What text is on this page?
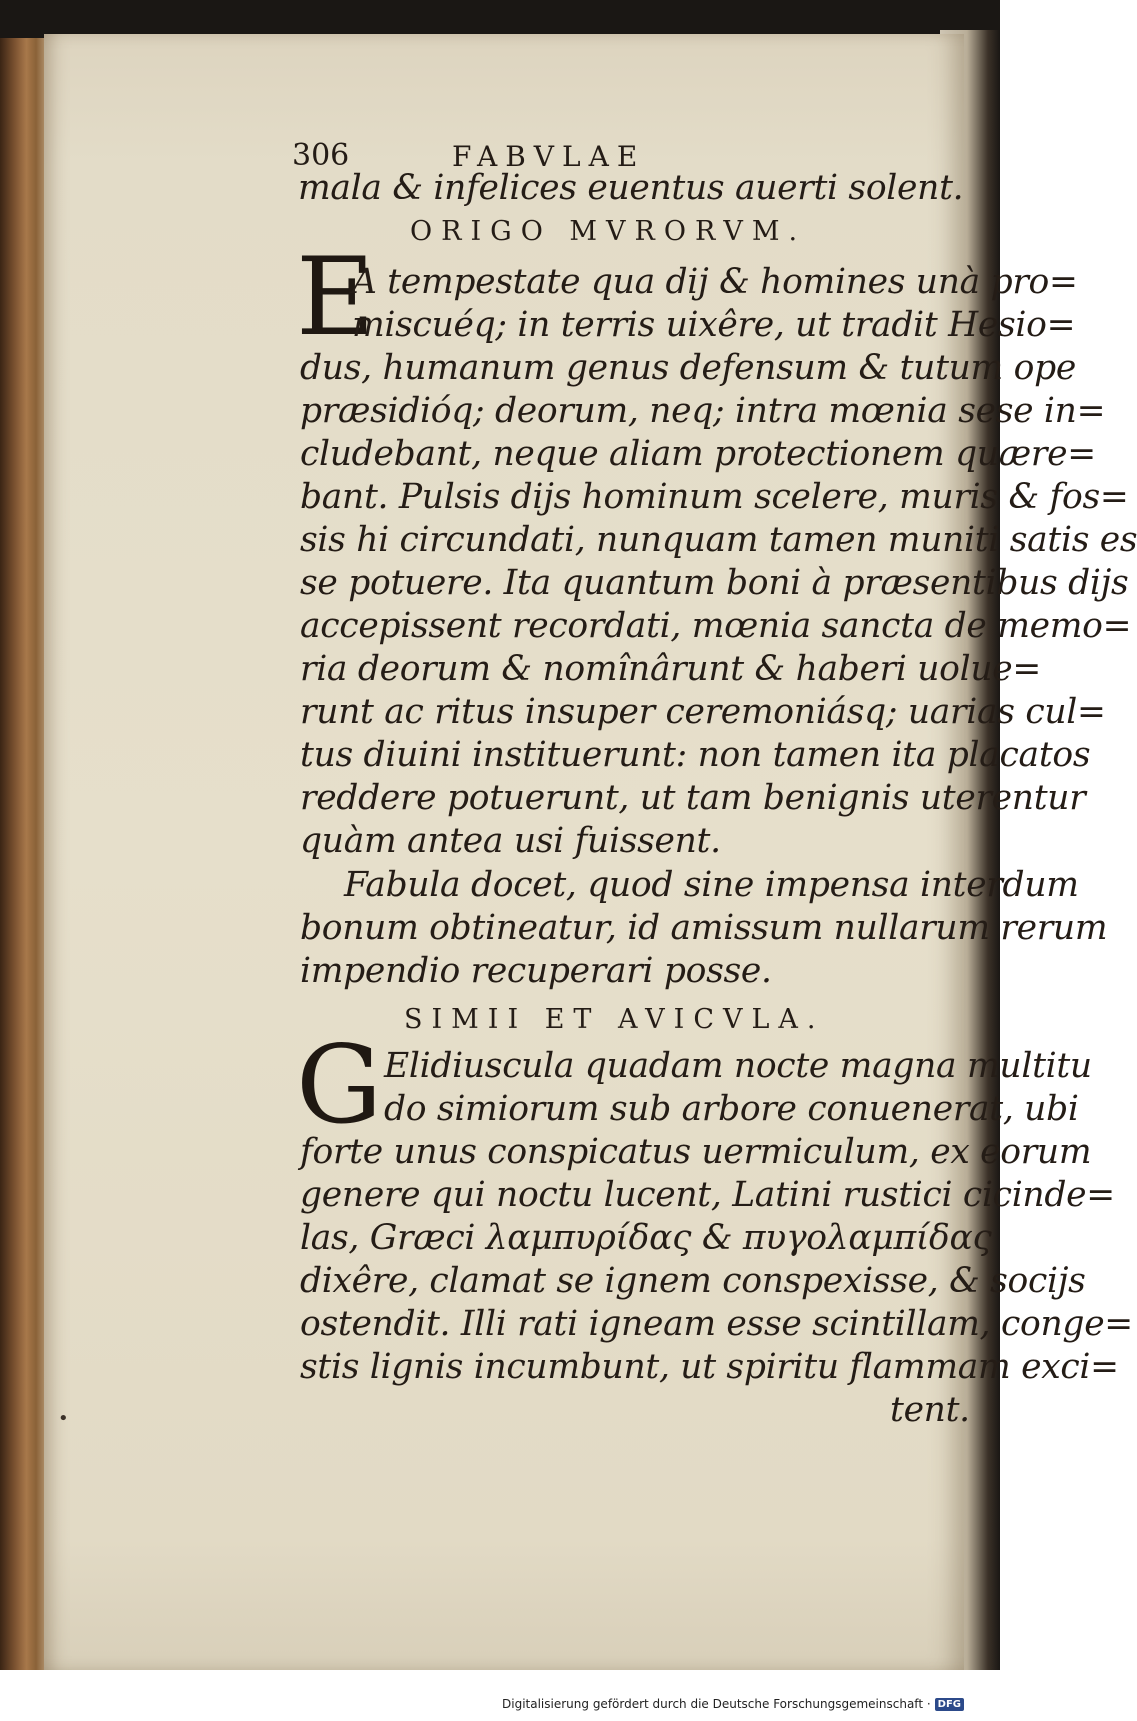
306	FABVLAE
mala & infelices euentus auerti solent.
ORIGO MVRORVM.
E
A tempestate qua dij & homines unà pro=
miscuéq; in terris uixêre, ut tradit Hesio=
dus, humanum genus defensum & tutum ope
præsidióq; deorum, neq; intra mœnia sese in=
cludebant, neque aliam protectionem quære=
bant. Pulsis dijs hominum scelere, muris & fos=
sis hi circundati, nunquam tamen muniti satis es
se potuere. Ita quantum boni à præsentibus dijs
accepissent recordati, mœnia sancta de memo=
ria deorum & nomînârunt & haberi uolue=
runt ac ritus insuper ceremoniásq; uarias cul=
tus diuini instituerunt: non tamen ita placatos
reddere potuerunt, ut tam benignis uterentur
quàm antea usi fuissent.
Fabula docet, quod sine impensa interdum
bonum obtineatur, id amissum nullarum rerum
impendio recuperari posse.
SIMII ET AVICVLA.
G Elidiuscula quadam nocte magna multitu
do simiorum sub arbore conuenerat, ubi
forte unus conspicatus uermiculum, ex eorum
genere qui noctu lucent, Latini rustici cicinde=
las, Græci λαμπυρίδας & πυγολαμπίδας
dixêre, clamat se ignem conspexisse, & socijs
ostendit. Illi rati igneam esse scintillam, conge=
stis lignis incumbunt, ut spiritu flammam exci=
tent.
•
Digitalisierung gefördert durch die Deutsche Forschungsgemeinschaft · DFG
